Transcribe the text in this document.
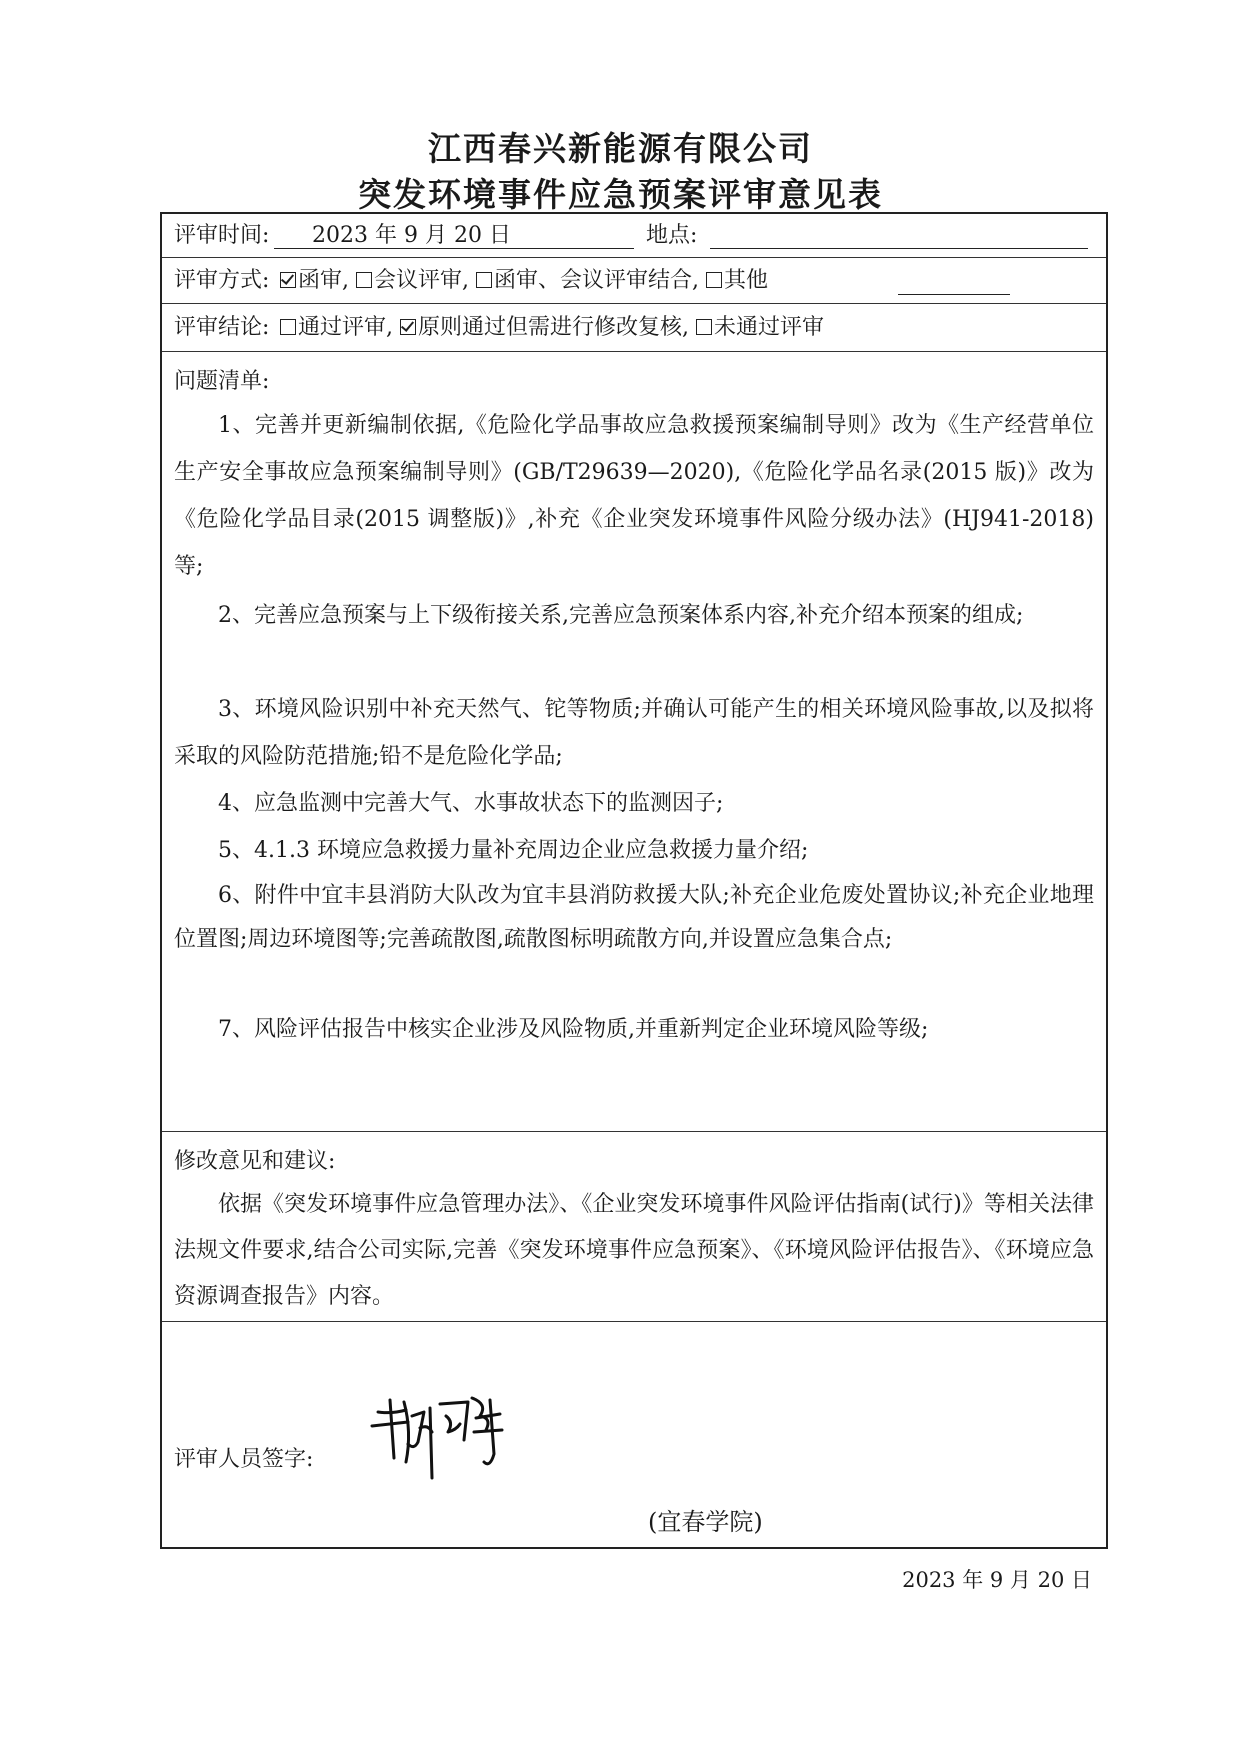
江西春兴新能源有限公司
突发环境事件应急预案评审意见表
评审时间: 2023 年 9 月 20 日	地点:
评审方式:	函审, 会议评审, 函审、会议评审结合, 其他
评审结论:	通过评审, 原则通过但需进行修改复核, 未通过评审
问题清单:
1、完善并更新编制依据,《危险化学品事故应急救援预案编制导则》改为《生产经营单位生产安全事故应急预案编制导则》(GB/T29639—2020),《危险化学品名录(2015 版)》改为《危险化学品目录(2015 调整版)》,补充《企业突发环境事件风险分级办法》(HJ941-2018)等;
2、完善应急预案与上下级衔接关系,完善应急预案体系内容,补充介绍本预案的组成;
3、环境风险识别中补充天然气、铊等物质;并确认可能产生的相关环境风险事故,以及拟将采取的风险防范措施;铅不是危险化学品;
4、应急监测中完善大气、水事故状态下的监测因子;
5、4.1.3 环境应急救援力量补充周边企业应急救援力量介绍;
6、附件中宜丰县消防大队改为宜丰县消防救援大队;补充企业危废处置协议;补充企业地理位置图;周边环境图等;完善疏散图,疏散图标明疏散方向,并设置应急集合点;
7、风险评估报告中核实企业涉及风险物质,并重新判定企业环境风险等级;
修改意见和建议:
依据《突发环境事件应急管理办法》、《企业突发环境事件风险评估指南(试行)》等相关法律法规文件要求,结合公司实际,完善《突发环境事件应急预案》、《环境风险评估报告》、《环境应急资源调查报告》内容。
评审人员签字:
(宜春学院)
2023 年 9 月 20 日
